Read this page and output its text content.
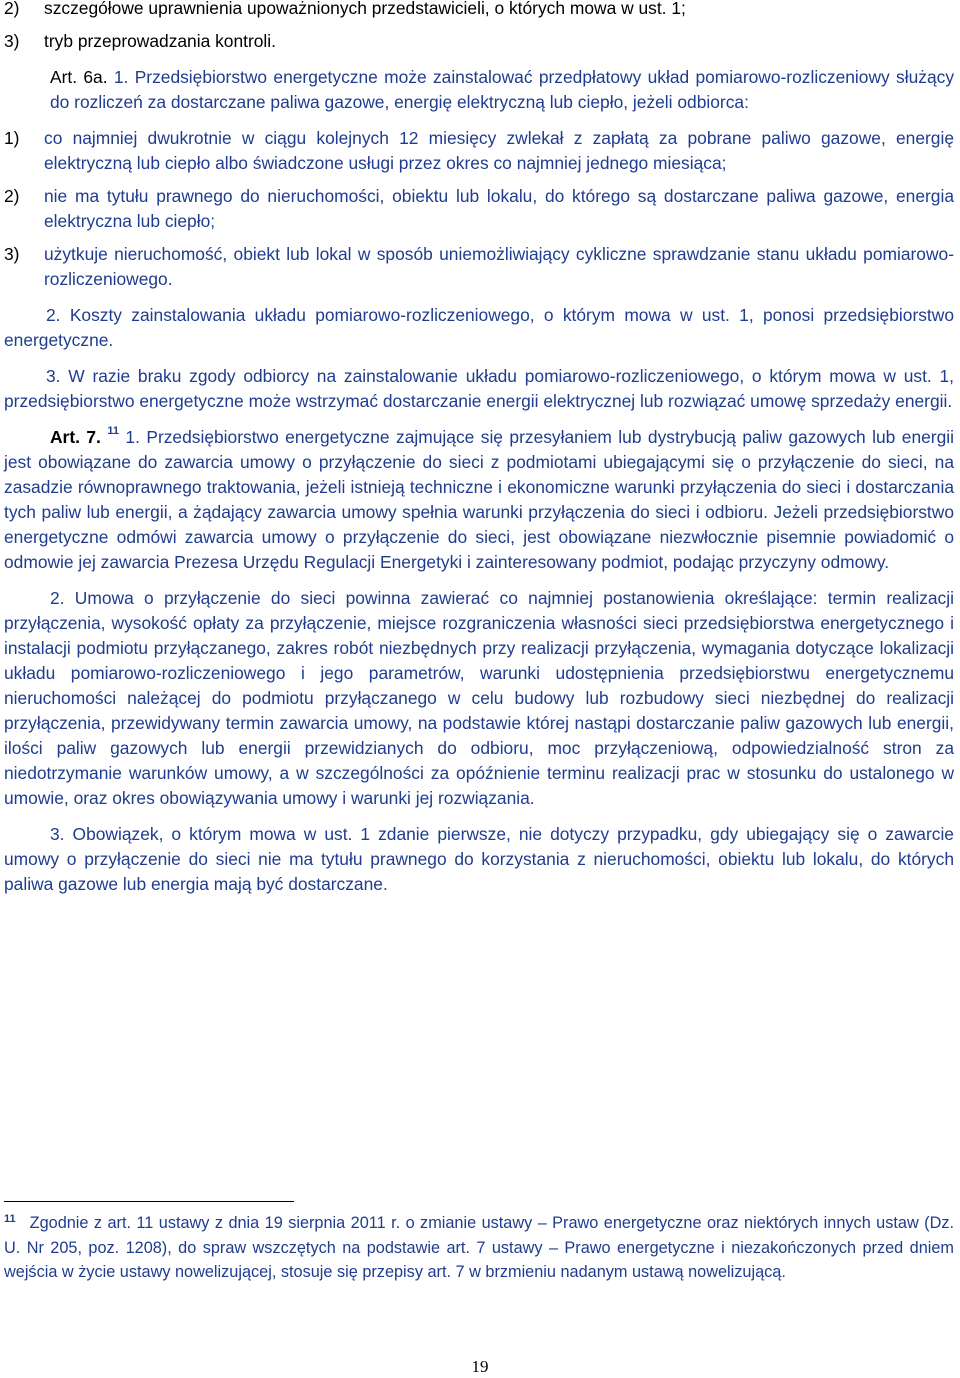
2)	szczegółowe uprawnienia upoważnionych przedstawicieli, o których mowa w ust. 1;
3)	tryb przeprowadzania kontroli.

Art. 6a. 1. Przedsiębiorstwo energetyczne może zainstalować przedpłatowy układ pomiarowo-rozliczeniowy służący do rozliczeń za dostarczane paliwa gazowe, energię elektryczną lub ciepło, jeżeli odbiorca:

1)	co najmniej dwukrotnie w ciągu kolejnych 12 miesięcy zwlekał z zapłatą za pobrane paliwo gazowe, energię elektryczną lub ciepło albo świadczone usługi przez okres co najmniej jednego miesiąca;
2)	nie ma tytułu prawnego do nieruchomości, obiektu lub lokalu, do którego są dostarczane paliwa gazowe, energia elektryczna lub ciepło;
3)	użytkuje nieruchomość, obiekt lub lokal w sposób uniemożliwiający cykliczne sprawdzanie stanu układu pomiarowo-rozliczeniowego.

2. Koszty zainstalowania układu pomiarowo-rozliczeniowego, o którym mowa w ust. 1, ponosi przedsiębiorstwo energetyczne.

3. W razie braku zgody odbiorcy na zainstalowanie układu pomiarowo-rozliczeniowego, o którym mowa w ust. 1, przedsiębiorstwo energetyczne może wstrzymać dostarczanie energii elektrycznej lub rozwiązać umowę sprzedaży energii.

Art. 7. $^{11}$ 1. Przedsiębiorstwo energetyczne zajmujące się przesyłaniem lub dystrybucją paliw gazowych lub energii jest obowiązane do zawarcia umowy o przyłączenie do sieci z podmiotami ubiegającymi się o przyłączenie do sieci, na zasadzie równoprawnego traktowania, jeżeli istnieją techniczne i ekonomiczne warunki przyłączenia do sieci i dostarczania tych paliw lub energii, a żądający zawarcia umowy spełnia warunki przyłączenia do sieci i odbioru. Jeżeli przedsiębiorstwo energetyczne odmówi zawarcia umowy o przyłączenie do sieci, jest obowiązane niezwłocznie pisemnie powiadomić o odmowie jej zawarcia Prezesa Urzędu Regulacji Energetyki i zainteresowany podmiot, podając przyczyny odmowy.

2. Umowa o przyłączenie do sieci powinna zawierać co najmniej postanowienia określające: termin realizacji przyłączenia, wysokość opłaty za przyłączenie, miejsce rozgraniczenia własności sieci przedsiębiorstwa energetycznego i instalacji podmiotu przyłączanego, zakres robót niezbędnych przy realizacji przyłączenia, wymagania dotyczące lokalizacji układu pomiarowo-rozliczeniowego i jego parametrów, warunki udostępnienia przedsiębiorstwu energetycznemu nieruchomości należącej do podmiotu przyłączanego w celu budowy lub rozbudowy sieci niezbędnej do realizacji przyłączenia, przewidywany termin zawarcia umowy, na podstawie której nastąpi dostarczanie paliw gazowych lub energii, ilości paliw gazowych lub energii przewidzianych do odbioru, moc przyłączeniową, odpowiedzialność stron za niedotrzymanie warunków umowy, a w szczególności za opóźnienie terminu realizacji prac w stosunku do ustalonego w umowie, oraz okres obowiązywania umowy i warunki jej rozwiązania.

3. Obowiązek, o którym mowa w ust. 1 zdanie pierwsze, nie dotyczy przypadku, gdy ubiegający się o zawarcie umowy o przyłączenie do sieci nie ma tytułu prawnego do korzystania z nieruchomości, obiektu lub lokalu, do których paliwa gazowe lub energia mają być dostarczane.

$^{11}$ Zgodnie z art. 11 ustawy z dnia 19 sierpnia 2011 r. o zmianie ustawy – Prawo energetyczne oraz niektórych innych ustaw (Dz. U. Nr 205, poz. 1208), do spraw wszczętych na podstawie art. 7 ustawy – Prawo energetyczne i niezakończonych przed dniem wejścia w życie ustawy nowelizującej, stosuje się przepisy art. 7 w brzmieniu nadanym ustawą nowelizującą.
19
